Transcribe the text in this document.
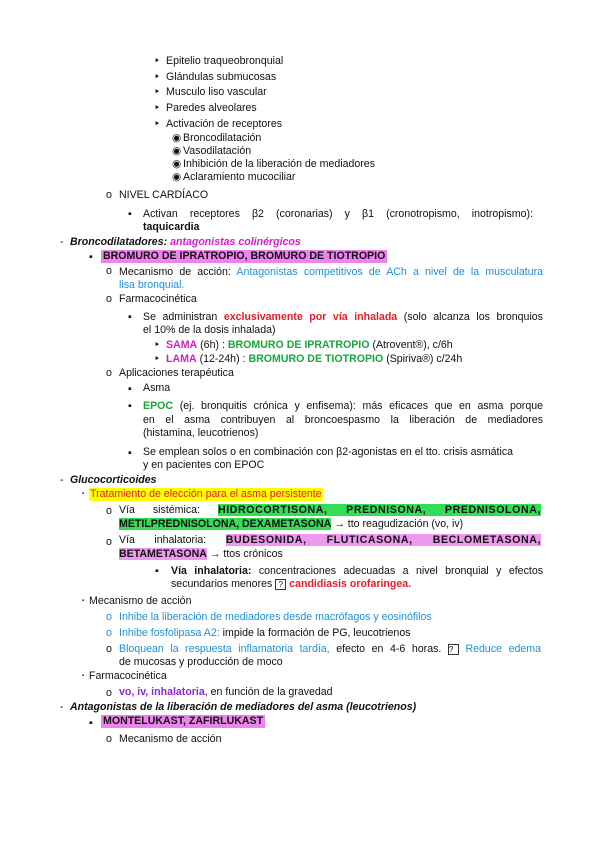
‣ Epitelio traqueobronquial
‣ Glándulas submucosas
‣ Musculo liso vascular
‣ Paredes alveolares
‣ Activación de receptores
◉ Broncodilatación
◉ Vasodilatación
◉ Inhibición de la liberación de mediadores
◉ Aclaramiento mucociliar
o NIVEL CARDÍACO
▪ Activan receptores β2 (coronarias) y β1 (cronotropismo, inotropismo):
taquicardia
- Broncodilatadores: antagonistas colinérgicos
▪ BROMURO DE IPRATROPIO, BROMURO DE TIOTROPIO
o Mecanismo de acción: Antagonistas competitivos de ACh a nivel de la musculatura
lisa bronquial.
o Farmacocinética
▪ Se administran exclusivamente por vía inhalada (solo alcanza los bronquios
el 10% de la dosis inhalada)
‣ SAMA (6h) : BROMURO DE IPRATROPIO (Atrovent®), c/6h
‣ LAMA (12-24h) : BROMURO DE TIOTROPIO (Spiriva®) c/24h
o Aplicaciones terapéutica
▪ Asma
▪ EPOC (ej. bronquitis crónica y enfisema): más eficaces que en asma porque
en el asma contribuyen al broncoespasmo la liberación de mediadores
(histamina, leucotrienos)
▪ Se emplean solos o en combinación con β2-agonistas en el tto. crisis asmática
y en pacientes con EPOC
- Glucocorticoides
▪ Tratamiento de elección para el asma persistente
o Vía sistémica: HIDROCORTISONA, PREDNISONA, PREDNISOLONA,
METILPREDNISOLONA, DEXAMETASONA → tto reagudización (vo, iv)
o Vía inhalatoria: BUDESONIDA, FLUTICASONA, BECLOMETASONA,
BETAMETASONA → ttos crónicos
▪ Vía inhalatoria: concentraciones adecuadas a nivel bronquial y efectos
secundarios menores ? candidiasis orofaringea.
▪ Mecanismo de acción
o Inhibe la liberación de mediadores desde macrófagos y eosinófilos
o Inhibe fosfolipasa A2: impide la formación de PG, leucotrienos
o Bloquean la respuesta inflamatoria tardía, efecto en 4-6 horas. ? Reduce edema
de mucosas y producción de moco
▪ Farmacocinética
o vo, iv, inhalatoria, en función de la gravedad
- Antagonistas de la liberación de mediadores del asma (leucotrienos)
▪ MONTELUKAST, ZAFIRLUKAST
o Mecanismo de acción
